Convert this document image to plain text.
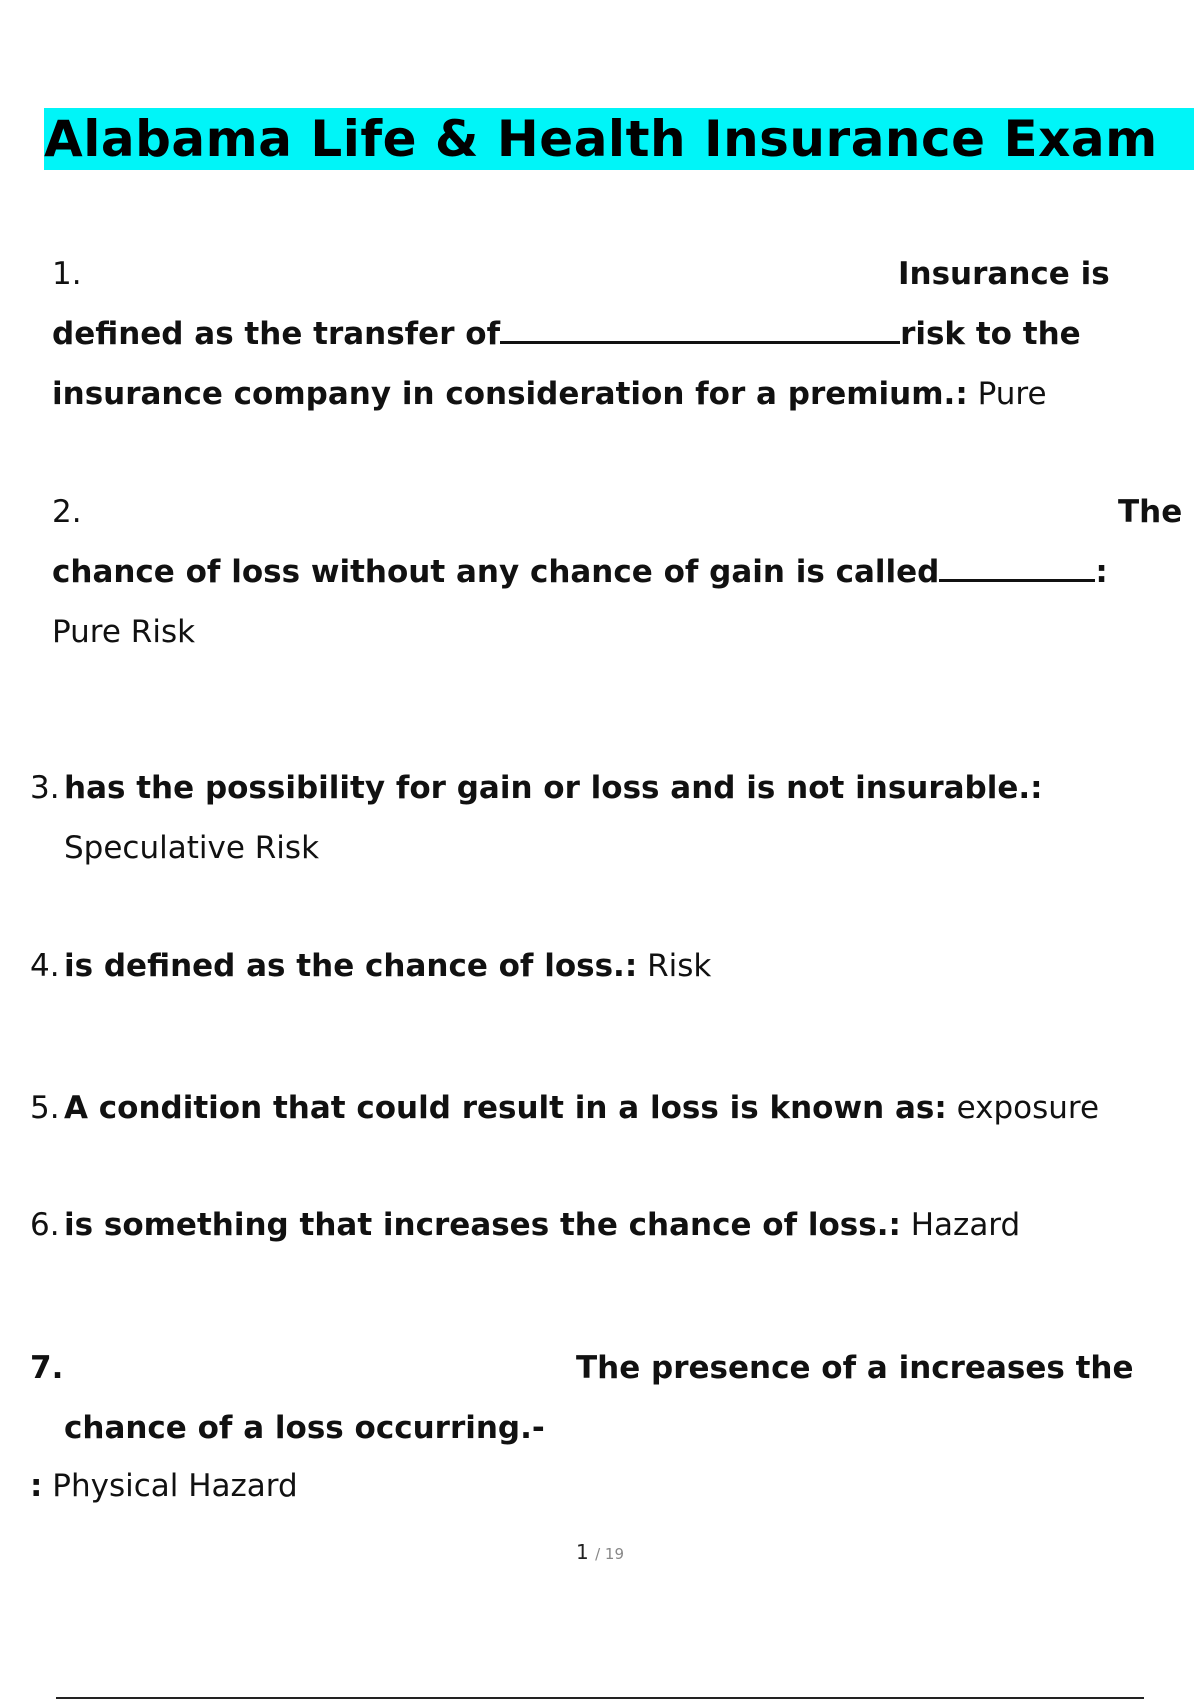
Alabama Life & Health Insurance Exam
1.	Insurance is
defined as the transfer of	risk to the
insurance company in consideration for a premium.: Pure
2.	The
chance of loss without any chance of gain is called	:
Pure Risk
3. has the possibility for gain or loss and is not insurable.:
Speculative Risk
4. is defined as the chance of loss.: Risk
5. A condition that could result in a loss is known as: exposure
6. is something that increases the chance of loss.: Hazard
7.	The presence of a increases the
chance of a loss occurring.-
: Physical Hazard
1 / 19
